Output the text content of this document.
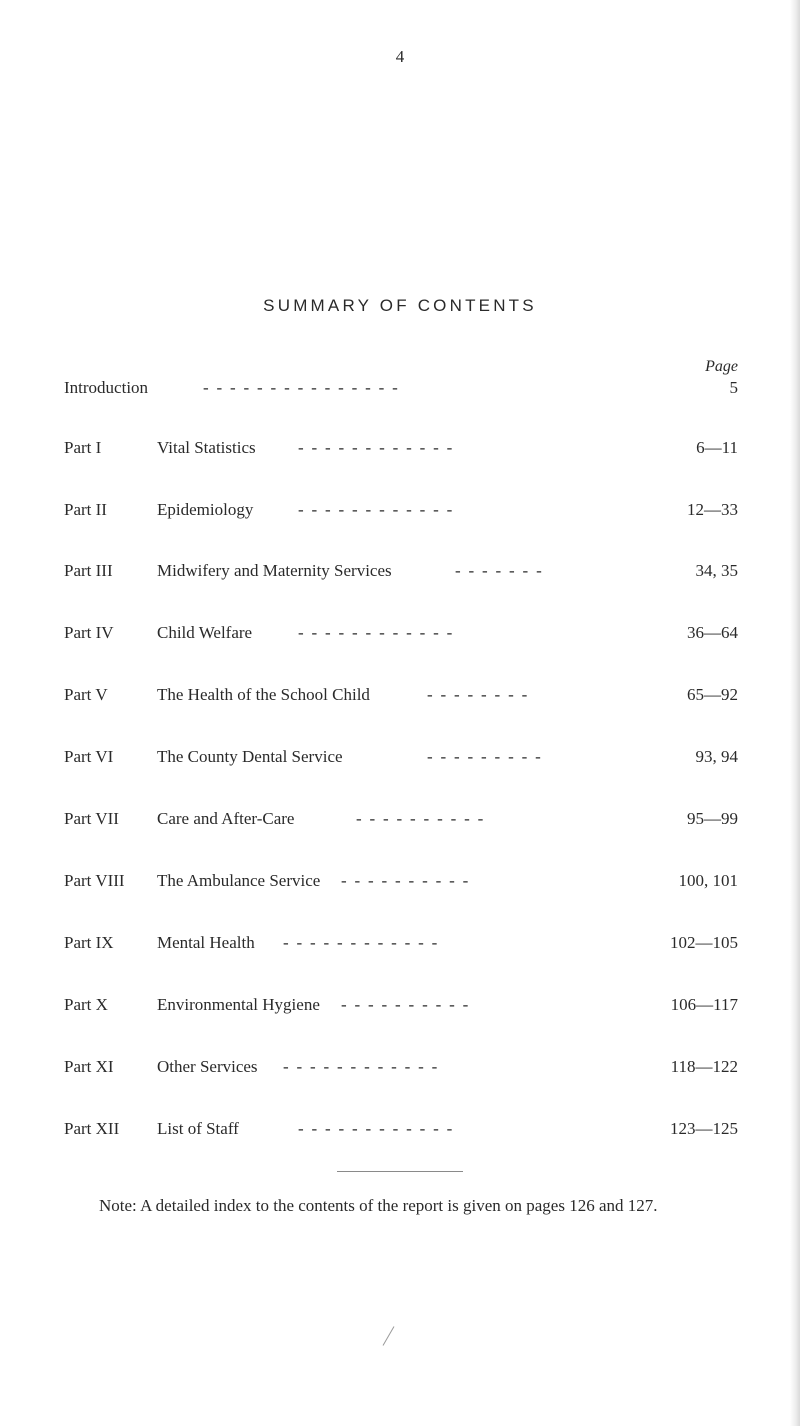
4
SUMMARY OF CONTENTS
Page
Introduction	- - - - - - - - - - - - - - -	5
Part I	Vital Statistics - - - - - - - - - - - -	6—11
Part II	Epidemiology	- - - - - - - - - - - -	12—33
Part III	Midwifery and Maternity Services	- - - - - - -	34, 35
Part IV	Child Welfare	- - - - - - - - - - - -	36—64
Part V	The Health of the School Child	- - - - - - - -	65—92
Part VI	The County Dental Service	- - - - - - - - -	93, 94
Part VII Care and After-Care	- - - - - - - - - -	95—99
Part VIII The Ambulance Service - - - - - - - - - -	100, 101
Part IX	Mental Health - - - - - - - - - - - -	102—105
Part X	Environmental Hygiene - - - - - - - - - -	106—117
Part XI	Other Services - - - - - - - - - - - -	118—122
Part XII List of Staff	- - - - - - - - - - - -	123—125
Note: A detailed index to the contents of the report is given on pages 126 and 127.
